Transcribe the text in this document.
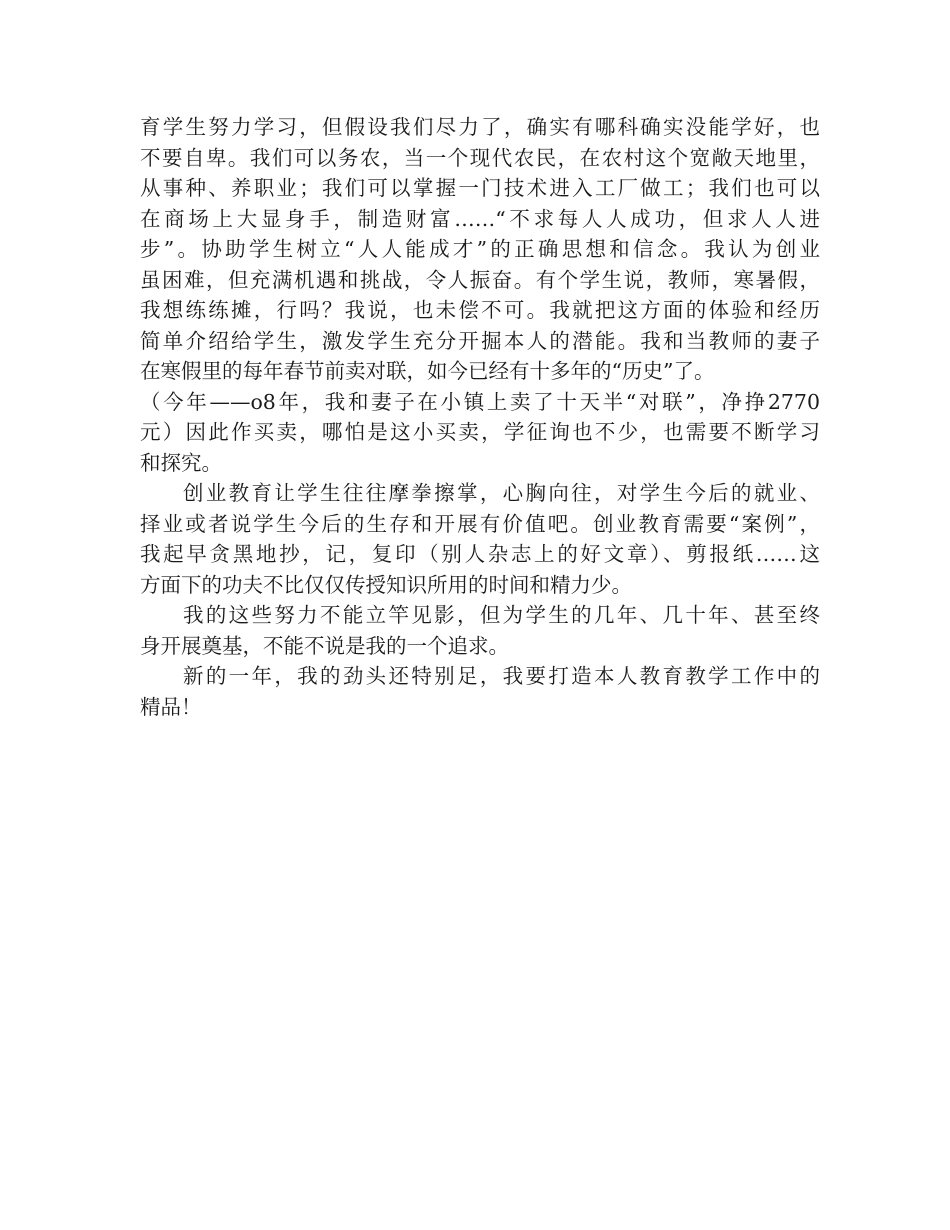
育学生努力学习，但假设我们尽力了，确实有哪科确实没能学好，也
不要自卑。我们可以务农，当一个现代农民，在农村这个宽敞天地里，
从事种、养职业；我们可以掌握一门技术进入工厂做工；我们也可以
在商场上大显身手，制造财富……“不求每人人成功，但求人人进
步”。协助学生树立“人人能成才”的正确思想和信念。我认为创业
虽困难，但充满机遇和挑战，令人振奋。有个学生说，教师，寒暑假，
我想练练摊，行吗？我说，也未偿不可。我就把这方面的体验和经历
简单介绍给学生，激发学生充分开掘本人的潜能。我和当教师的妻子
在寒假里的每年春节前卖对联，如今已经有十多年的“历史”了。
（今年——o8年，我和妻子在小镇上卖了十天半“对联”，净挣2770
元）因此作买卖，哪怕是这小买卖，学征询也不少，也需要不断学习
和探究。

创业教育让学生往往摩拳擦掌，心胸向往，对学生今后的就业、
择业或者说学生今后的生存和开展有价值吧。创业教育需要“案例”，
我起早贪黑地抄，记，复印（别人杂志上的好文章）、剪报纸……这
方面下的功夫不比仅仅传授知识所用的时间和精力少。

我的这些努力不能立竿见影，但为学生的几年、几十年、甚至终
身开展奠基，不能不说是我的一个追求。

新的一年，我的劲头还特别足，我要打造本人教育教学工作中的
精品！
